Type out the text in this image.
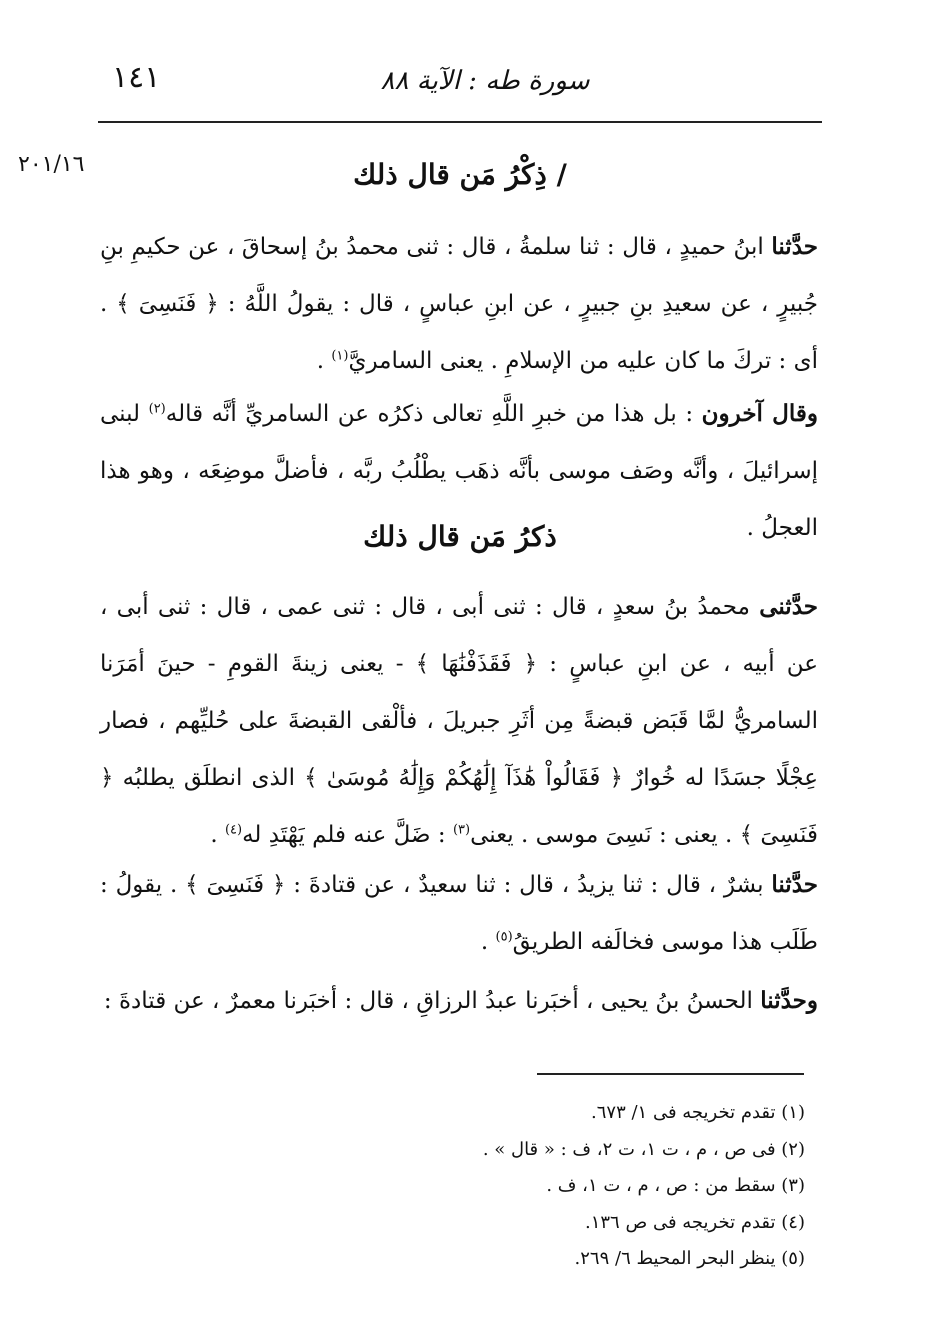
١٤١	سورة طه : الآية ٨٨
٢٠١/١٦	/ ذِكْرُ مَن قال ذلك
حدَّثنا ابنُ حميدٍ ، قال : ثنا سلمةُ ، قال : ثنى محمدُ بنُ إسحاقَ ، عن حكيمِ بنِ جُبيرٍ ، عن سعيدِ بنِ جبيرٍ ، عن ابنِ عباسٍ ، قال : يقولُ اللَّهُ : ﴿ فَنَسِىَ ﴾ . أى : تركَ ما كان عليه من الإسلامِ . يعنى السامريَّ$^{(١)}$ .
وقال آخرون : بل هذا من خبرِ اللَّهِ تعالى ذكرُه عن السامريِّ أنَّه قاله$^{(٢)}$ لبنى إسرائيلَ ، وأنَّه وصَف موسى بأنَّه ذهَب يطْلُبُ ربَّه ، فأضلَّ موضِعَه ، وهو هذا العجلُ .
ذكرُ مَن قال ذلك
حدَّثنى محمدُ بنُ سعدٍ ، قال : ثنى أبى ، قال : ثنى عمى ، قال : ثنى أبى ، عن أبيه ، عن ابنِ عباسٍ : ﴿ فَقَذَفْنَٰهَا ﴾ - يعنى زينةَ القومِ - حينَ أمَرَنا السامريُّ لمَّا قَبَض قبضةً مِن أثَرِ جبريلَ ، فألْقى القبضةَ على حُليِّهم ، فصار عِجْلًا جسَدًا له خُوارٌ ﴿ فَقَالُواْ هَٰذَآ إِلَٰهُكُمْ وَإِلَٰهُ مُوسَىٰ ﴾ الذى انطلَق يطلبُه ﴿ فَنَسِىَ ﴾ . يعنى : نَسِىَ موسى . يعنى$^{(٣)}$ : ضَلَّ عنه فلم يَهْتَدِ له$^{(٤)}$ .
حدَّثنا بشرٌ ، قال : ثنا يزيدُ ، قال : ثنا سعيدٌ ، عن قتادةَ : ﴿ فَنَسِىَ ﴾ . يقولُ : طَلَب هذا موسى فخالَفه الطريقُ$^{(٥)}$ .
وحدَّثنا الحسنُ بنُ يحيى ، أخبَرنا عبدُ الرزاقِ ، قال : أخبَرنا معمرٌ ، عن قتادةَ :
(١) تقدم تخريجه فى ١/ ٦٧٣.
(٢) فى ص ، م ، ت ١، ت ٢، ف : « قال » .
(٣) سقط من : ص ، م ، ت ١، ف .
(٤) تقدم تخريجه فى ص ١٣٦.
(٥) ينظر البحر المحيط ٦/ ٢٦٩.
